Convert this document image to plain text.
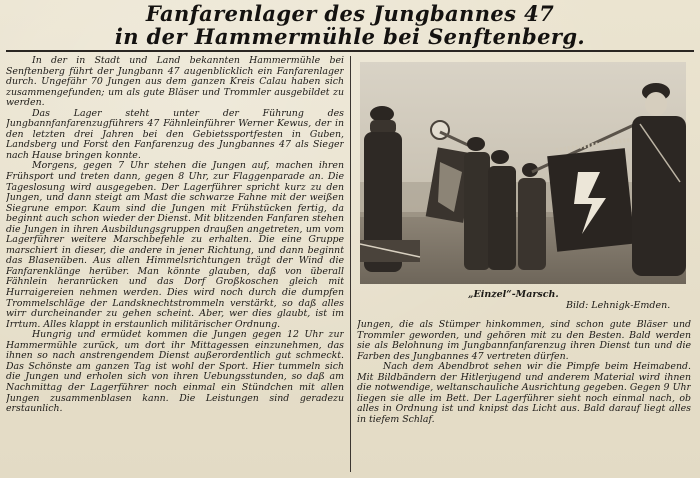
Fanfarenlager des Jungbannes 47
in der Hammermühle bei Senftenberg.

In der in Stadt und Land bekannten Hammermühle bei Senftenberg führt der Jungbann 47 augenblicklich ein Fanfarenlager durch. Ungefähr 70 Jungen aus dem ganzen Kreis Calau haben sich zusammengefunden; um als gute Bläser und Trommler ausgebildet zu werden.

Das Lager steht unter der Führung des Jungbannfanfarenzugführers 47 Fähnleinführer Werner Kewus, der in den letzten drei Jahren bei den Gebietssportfesten in Guben, Landsberg und Forst den Fanfarenzug des Jungbannes 47 als Sieger nach Hause bringen konnte.

Morgens, gegen 7 Uhr stehen die Jungen auf, machen ihren Frühsport und treten dann, gegen 8 Uhr, zur Flaggenparade an. Die Tageslosung wird ausgegeben. Der Lagerführer spricht kurz zu den Jungen, und dann steigt am Mast die schwarze Fahne mit der weißen Siegrune empor. Kaum sind die Jungen mit Frühstücken fertig, da beginnt auch schon wieder der Dienst. Mit blitzenden Fanfaren stehen die Jungen in ihren Ausbildungsgruppen draußen angetreten, um vom Lagerführer weitere Marschbefehle zu erhalten. Die eine Gruppe marschiert in dieser, die andere in jener Richtung, und dann beginnt das Blasenüben. Aus allen Himmelsrichtungen trägt der Wind die Fanfarenklänge herüber. Man könnte glauben, daß von überall Fähnlein heranrücken und das Dorf Großkoschen gleich mit Hurraigereien nehmen werden. Dies wird noch durch die dumpfen Trommelschläge der Landsknechtstrommeln verstärkt, so daß alles wirr durcheinander zu gehen scheint. Aber, wer dies glaubt, ist im Irrtum. Alles klappt in erstaunlich militärischer Ordnung.

Hungrig und ermüdet kommen die Jungen gegen 12 Uhr zur Hammermühle zurück, um dort ihr Mittagessen einzunehmen, das ihnen so nach anstrengendem Dienst außerordentlich gut schmeckt. Das Schönste am ganzen Tag ist wohl der Sport. Hier tummeln sich die Jungen und erholen sich von ihren Uebungsstunden, so daß am Nachmittag der Lagerführer noch einmal ein Stündchen mit allen Jungen zusammenblasen kann. Die Leistungen sind geradezu erstaunlich.

„Einzel“-Marsch.
Bild: Lehnigk-Emden.

Jungen, die als Stümper hinkommen, sind schon gute Bläser und Trommler geworden, und gehören mit zu den Besten. Bald werden sie als Belohnung im Jungbannfanfarenzug ihren Dienst tun und die Farben des Jungbannes 47 vertreten dürfen.

Nach dem Abendbrot sehen wir die Pimpfe beim Heimabend. Mit Bildbändern der Hitlerjugend und anderem Material wird ihnen die notwendige, weltanschauliche Ausrichtung gegeben. Gegen 9 Uhr liegen sie alle im Bett. Der Lagerführer sieht noch einmal nach, ob alles in Ordnung ist und knipst das Licht aus. Bald darauf liegt alles in tiefem Schlaf.
